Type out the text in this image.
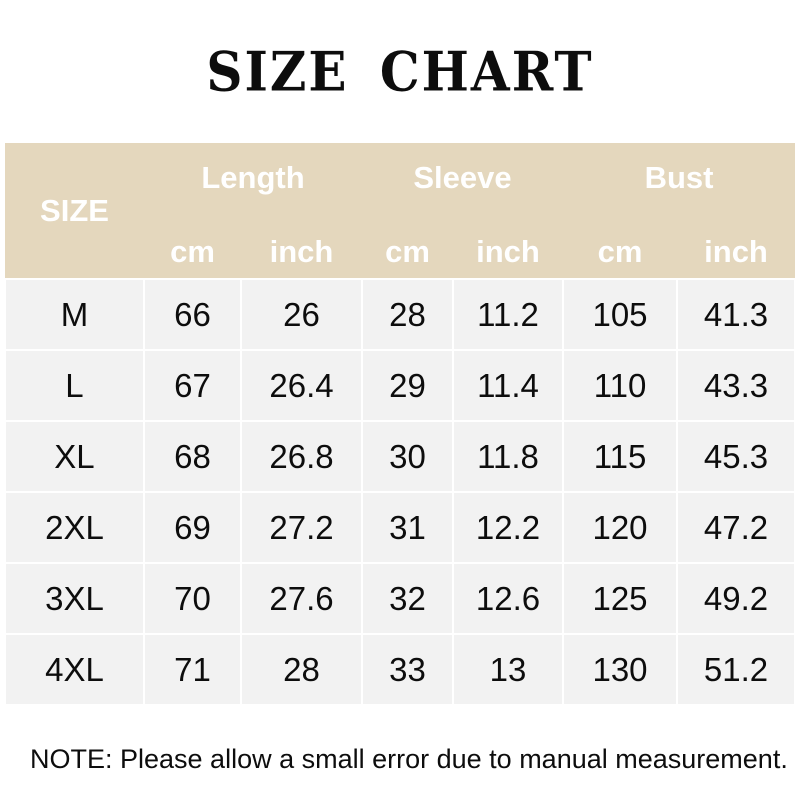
SIZE CHART
SIZE	Length		Sleeve		Bust	
	cm	inch	cm	inch	cm	inch
M	66	26	28	11.2	105	41.3
L	67	26.4	29	11.4	110	43.3
XL	68	26.8	30	11.8	115	45.3
2XL	69	27.2	31	12.2	120	47.2
3XL	70	27.6	32	12.6	125	49.2
4XL	71	28	33	13	130	51.2
NOTE: Please allow a small error due to manual measurement.
